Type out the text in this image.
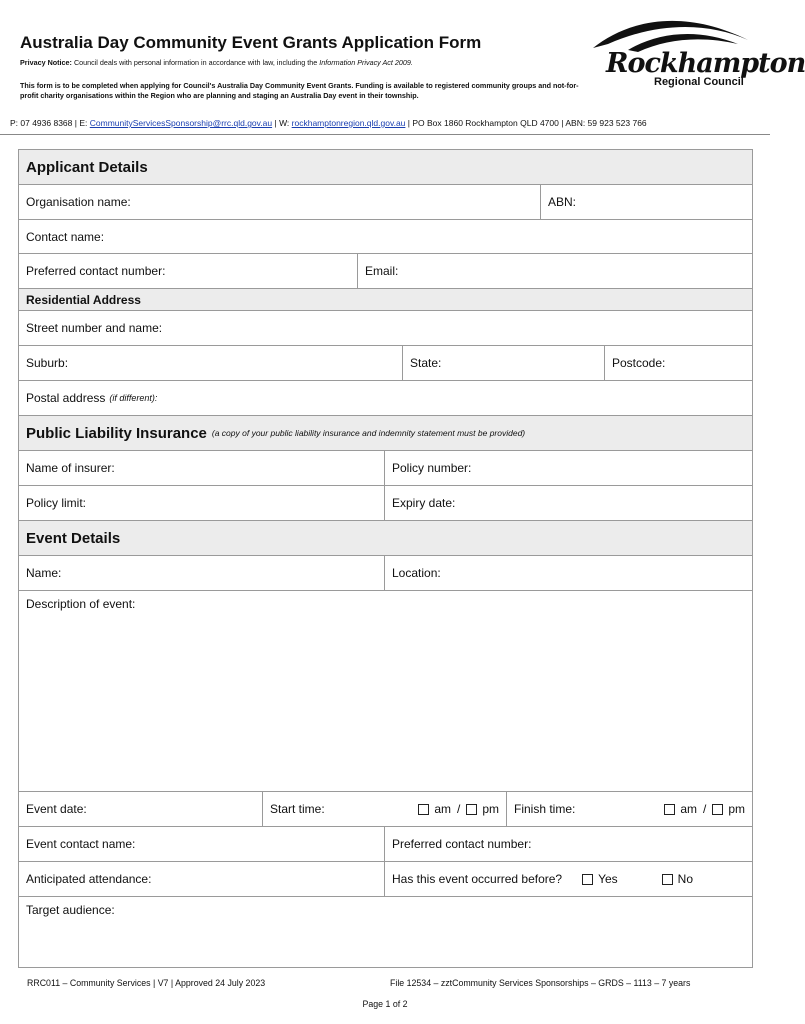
Australia Day Community Event Grants Application Form
Privacy Notice: Council deals with personal information in accordance with law, including the Information Privacy Act 2009.
This form is to be completed when applying for Council's Australia Day Community Event Grants. Funding is available to registered community groups and not-for-profit charity organisations within the Region who are planning and staging an Australia Day event in their township.
Rockhampton
Regional Council
P: 07 4936 8368 | E: CommunityServicesSponsorship@rrc.qld.gov.au | W: rockhamptonregion.qld.gov.au | PO Box 1860 Rockhampton QLD 4700 | ABN: 59 923 523 766
Applicant Details
Organisation name:	ABN:
Contact name:
Preferred contact number:	Email:
Residential Address
Street number and name:
Suburb:	State:	Postcode:
Postal address (if different):
Public Liability Insurance (a copy of your public liability insurance and indemnity statement must be provided)
Name of insurer:	Policy number:
Policy limit:	Expiry date:
Event Details
Name:	Location:
Description of event:
Event date:	Start time:	am / pm Finish time:	am / pm
Event contact name:	Preferred contact number:
Anticipated attendance:	Has this event occurred before?	Yes	No
Target audience:
RRC011 – Community Services | V7 | Approved 24 July 2023	File 12534 – zztCommunity Services Sponsorships – GRDS – 1113 – 7 years
Page 1 of 2
